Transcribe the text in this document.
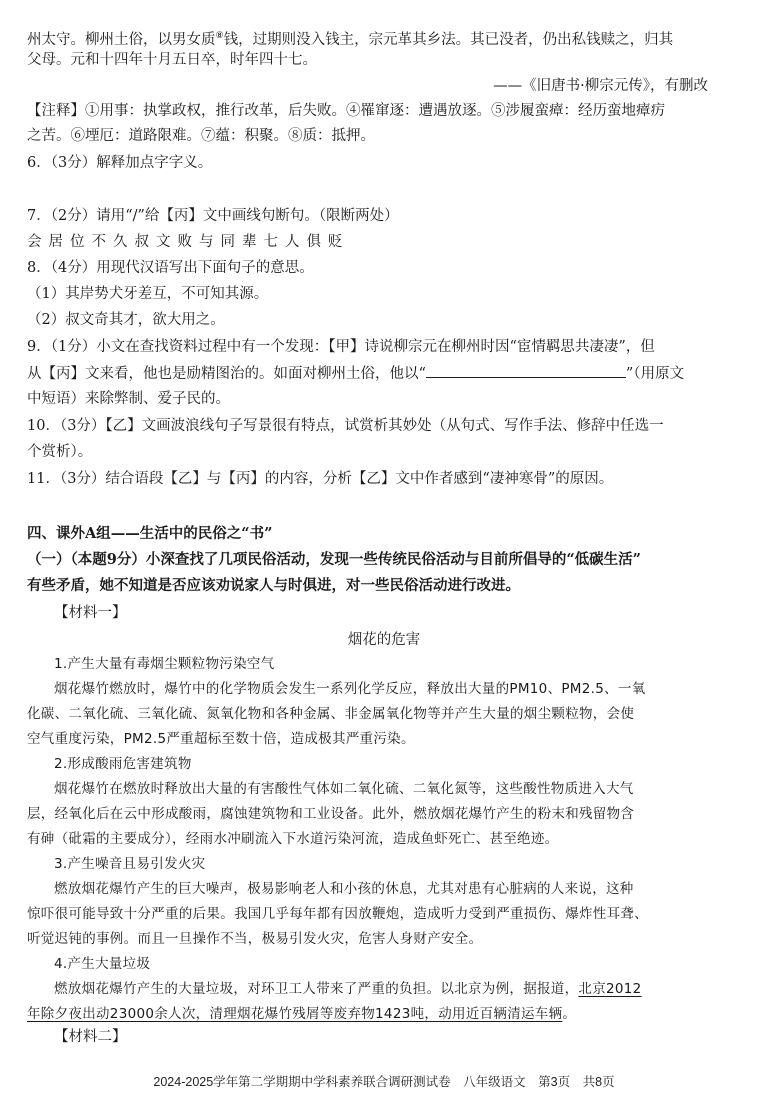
州太守。柳州土俗，以男女质⑧钱，过期则没入钱主，宗元革其乡法。其已没者，仍出私钱赎之，归其
父母。元和十四年十月五日卒，时年四十七。
——《旧唐书·柳宗元传》，有删改
【注释】①用事：执掌政权，推行改革，后失败。④罹窜逐：遭遇放逐。⑤涉履蛮瘴：经历蛮地瘴疠
之苦。⑥堙厄：道路限难。⑦蕴：积聚。⑧质：抵押。
6．（3分）解释加点字字义。
7．（2分）请用“/”给【丙】文中画线句断句。（限断两处）
会居位不久叔文败与同辈七人俱贬
8．（4分）用现代汉语写出下面句子的意思。
（1）其岸势犬牙差互，不可知其源。
（2）叔文奇其才，欲大用之。
9．（1分）小文在查找资料过程中有一个发现：【甲】诗说柳宗元在柳州时因“宦情羁思共凄凄”，但
从【丙】文来看，他也是励精图治的。如面对柳州土俗，他以“	”（用原文
中短语）来除弊制、爱子民的。
10．（3分）【乙】文画波浪线句子写景很有特点，试赏析其妙处（从句式、写作手法、修辞中任选一
个赏析）。
11．（3分）结合语段【乙】与【丙】的内容，分析【乙】文中作者感到“凄神寒骨”的原因。
四、课外A组——生活中的民俗之“书”
（一）（本题9分）小深查找了几项民俗活动，发现一些传统民俗活动与目前所倡导的“低碳生活”
有些矛盾，她不知道是否应该劝说家人与时俱进，对一些民俗活动进行改进。
【材料一】
烟花的危害
1.产生大量有毒烟尘颗粒物污染空气
烟花爆竹燃放时，爆竹中的化学物质会发生一系列化学反应，释放出大量的PM10、PM2.5、一氧
化碳、二氧化硫、三氧化硫、氮氧化物和各种金属、非金属氧化物等并产生大量的烟尘颗粒物，会使
空气重度污染，PM2.5严重超标至数十倍，造成极其严重污染。
2.形成酸雨危害建筑物
烟花爆竹在燃放时释放出大量的有害酸性气体如二氧化硫、二氧化氮等，这些酸性物质进入大气
层，经氧化后在云中形成酸雨，腐蚀建筑物和工业设备。此外，燃放烟花爆竹产生的粉末和残留物含
有砷（砒霜的主要成分），经雨水冲刷流入下水道污染河流，造成鱼虾死亡、甚至绝迹。
3.产生噪音且易引发火灾
燃放烟花爆竹产生的巨大噪声，极易影响老人和小孩的休息，尤其对患有心脏病的人来说，这种
惊吓很可能导致十分严重的后果。我国几乎每年都有因放鞭炮，造成听力受到严重损伤、爆炸性耳聋、
听觉迟钝的事例。而且一旦操作不当，极易引发火灾，危害人身财产安全。
4.产生大量垃圾
燃放烟花爆竹产生的大量垃圾，对环卫工人带来了严重的负担。以北京为例，据报道，北京2012
年除夕夜出动23000余人次，清理烟花爆竹残屑等废弃物1423吨，动用近百辆清运车辆。
【材料二】
2024-2025学年第二学期期中学科素养联合调研测试卷　八年级语文　第3页　共8页
